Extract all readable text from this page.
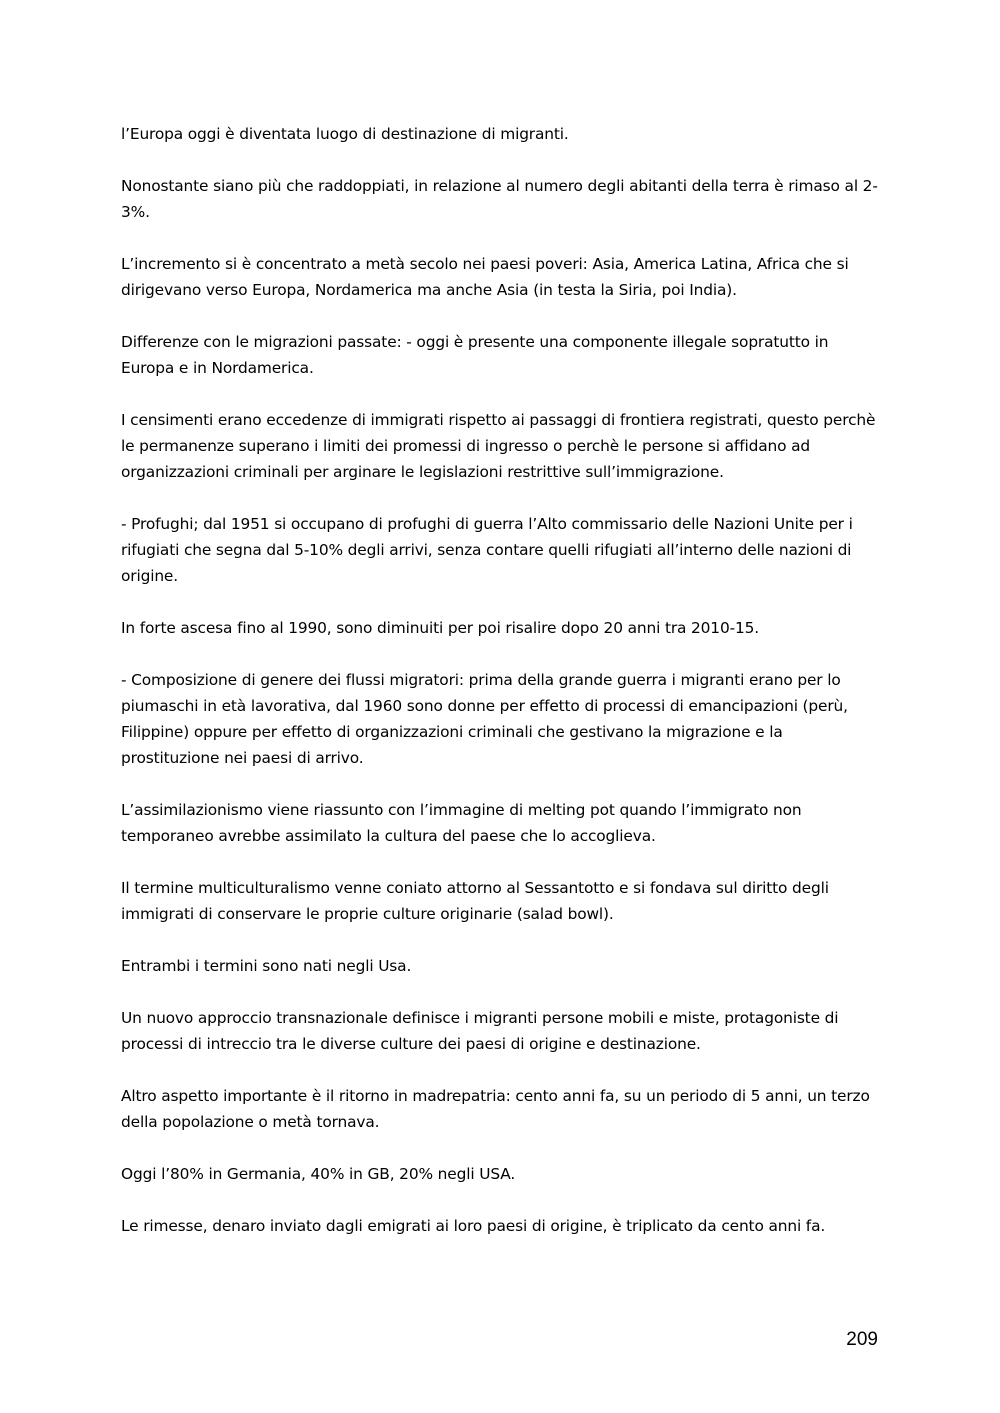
l’Europa oggi è diventata luogo di destinazione di migranti.

Nonostante siano più che raddoppiati, in relazione al numero degli abitanti della terra è rimaso al 2-3%.

L’incremento si è concentrato a metà secolo nei paesi poveri: Asia, America Latina, Africa che si dirigevano verso Europa, Nordamerica ma anche Asia (in testa la Siria, poi India).

Differenze con le migrazioni passate: - oggi è presente una componente illegale sopratutto in Europa e in Nordamerica.

I censimenti erano eccedenze di immigrati rispetto ai passaggi di frontiera registrati, questo perchè le permanenze superano i limiti dei promessi di ingresso o perchè le persone si affidano ad organizzazioni criminali per arginare le legislazioni restrittive sull’immigrazione.

- Profughi; dal 1951 si occupano di profughi di guerra l’Alto commissario delle Nazioni Unite per i rifugiati che segna dal 5-10% degli arrivi, senza contare quelli rifugiati all’interno delle nazioni di origine.

In forte ascesa fino al 1990, sono diminuiti per poi risalire dopo 20 anni tra 2010-15.

- Composizione di genere dei flussi migratori: prima della grande guerra i migranti erano per lo piumaschi in età lavorativa, dal 1960 sono donne per effetto di processi di emancipazioni (perù, Filippine) oppure per effetto di organizzazioni criminali che gestivano la migrazione e la prostituzione nei paesi di arrivo.

L’assimilazionismo viene riassunto con l’immagine di melting pot quando l’immigrato non temporaneo avrebbe assimilato la cultura del paese che lo accoglieva.

Il termine multiculturalismo venne coniato attorno al Sessantotto e si fondava sul diritto degli immigrati di conservare le proprie culture originarie (salad bowl).

Entrambi i termini sono nati negli Usa.

Un nuovo approccio transnazionale definisce i migranti persone mobili e miste, protagoniste di processi di intreccio tra le diverse culture dei paesi di origine e destinazione.

Altro aspetto importante è il ritorno in madrepatria: cento anni fa, su un periodo di 5 anni, un terzo della popolazione o metà tornava.

Oggi l’80% in Germania, 40% in GB, 20% negli USA.

Le rimesse, denaro inviato dagli emigrati ai loro paesi di origine, è triplicato da cento anni fa.

209
